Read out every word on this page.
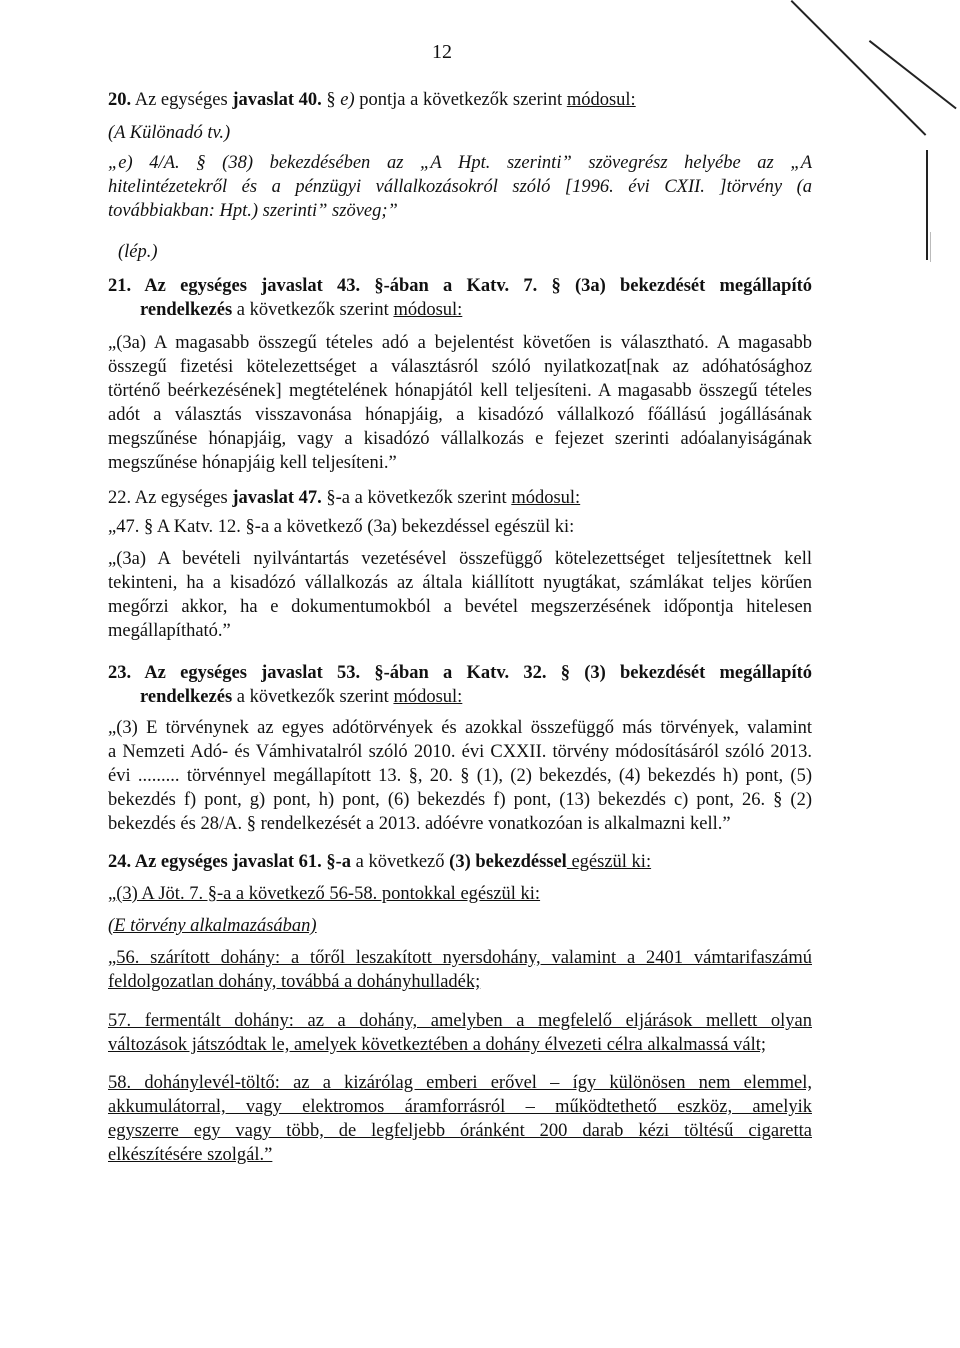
12
20. Az egységes javaslat 40. § e) pontja a következők szerint módosul:
(A Különadó tv.)
„e) 4/A. § (38) bekezdésében az „A Hpt. szerinti” szövegrész helyébe az „A
hitelintézetekről és a pénzügyi vállalkozásokról szóló [1996. évi CXII. ]törvény (a
továbbiakban: Hpt.) szerinti” szöveg;”
(lép.)
21. Az egységes javaslat 43. §-ában a Katv. 7. § (3a) bekezdését megállapító
rendelkezés a következők szerint módosul:
„(3a) A magasabb összegű tételes adó a bejelentést követően is választható. A magasabb
összegű fizetési kötelezettséget a választásról szóló nyilatkozat[nak az adóhatósághoz
történő beérkezésének] megtételének hónapjától kell teljesíteni. A magasabb összegű tételes
adót a választás visszavonása hónapjáig, a kisadózó vállalkozó főállású jogállásának
megszűnése hónapjáig, vagy a kisadózó vállalkozás e fejezet szerinti adóalanyiságának
megszűnése hónapjáig kell teljesíteni.”
22. Az egységes javaslat 47. §-a a következők szerint módosul:
„47. § A Katv. 12. §-a a következő (3a) bekezdéssel egészül ki:
„(3a) A bevételi nyilvántartás vezetésével összefüggő kötelezettséget teljesítettnek kell
tekinteni, ha a kisadózó vállalkozás az általa kiállított nyugtákat, számlákat teljes körűen
megőrzi akkor, ha e dokumentumokból a bevétel megszerzésének időpontja hitelesen
megállapítható.”
23. Az egységes javaslat 53. §-ában a Katv. 32. § (3) bekezdését megállapító
rendelkezés a következők szerint módosul:
„(3) E törvénynek az egyes adótörvények és azokkal összefüggő más törvények, valamint
a Nemzeti Adó- és Vámhivatalról szóló 2010. évi CXXII. törvény módosításáról szóló 2013.
évi ......... törvénnyel megállapított 13. §, 20. § (1), (2) bekezdés, (4) bekezdés h) pont, (5)
bekezdés f) pont, g) pont, h) pont, (6) bekezdés f) pont, (13) bekezdés c) pont, 26. § (2)
bekezdés és 28/A. § rendelkezését a 2013. adóévre vonatkozóan is alkalmazni kell.”
24. Az egységes javaslat 61. §-a a következő (3) bekezdéssel egészül ki:
„(3) A Jöt. 7. §-a a következő 56-58. pontokkal egészül ki:
(E törvény alkalmazásában)
„56. szárított dohány: a tőről leszakított nyersdohány, valamint a 2401 vámtarifaszámú
feldolgozatlan dohány, továbbá a dohányhulladék;
57. fermentált dohány: az a dohány, amelyben a megfelelő eljárások mellett olyan
változások játszódtak le, amelyek következtében a dohány élvezeti célra alkalmassá vált;
58. dohánylevél-töltő: az a kizárólag emberi erővel – így különösen nem elemmel,
akkumulátorral, vagy elektromos áramforrásról – működtethető eszköz, amelyik
egyszerre egy vagy több, de legfeljebb óránként 200 darab kézi töltésű cigaretta
elkészítésére szolgál.”
